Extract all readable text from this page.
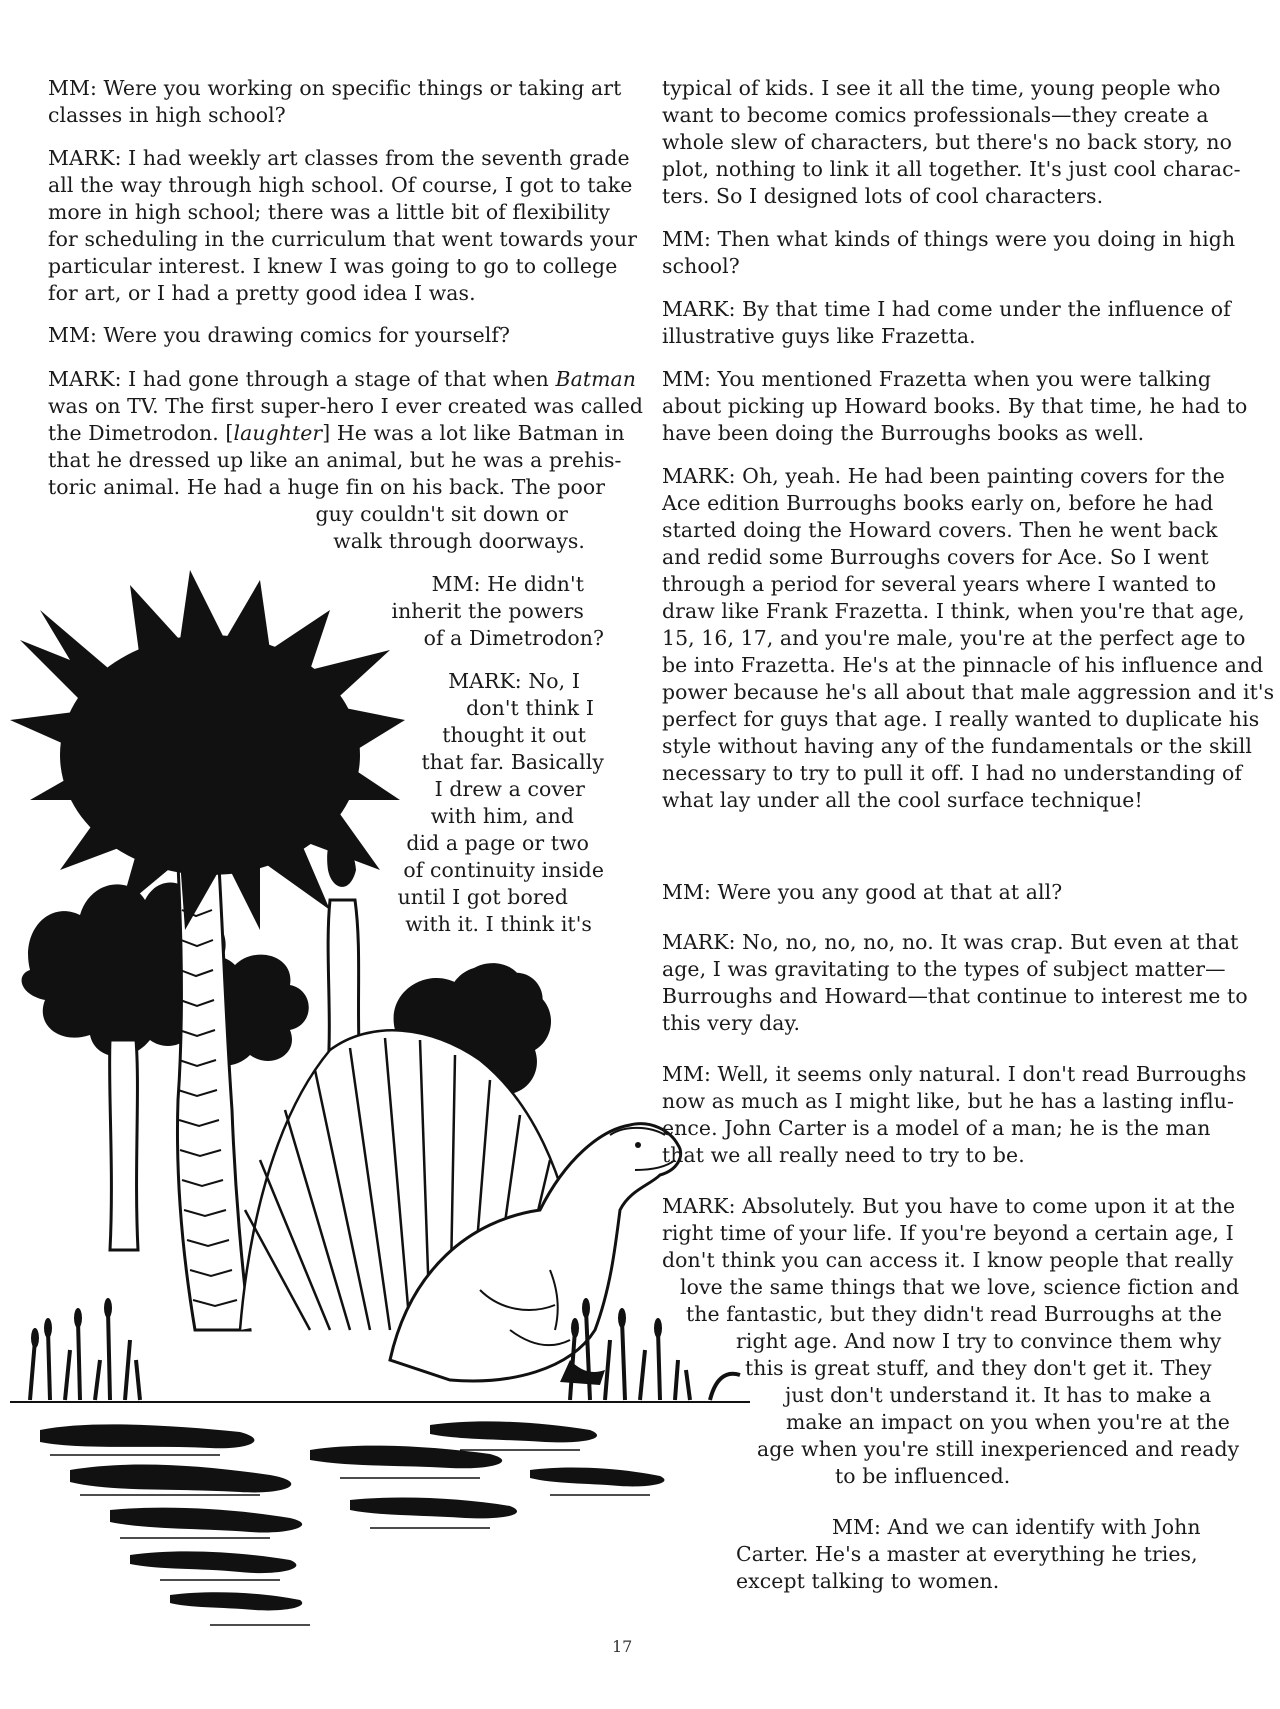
MM: Were you working on specific things or taking art

classes in high school?

MARK: I had weekly art classes from the seventh grade

all the way through high school. Of course, I got to take

more in high school; there was a little bit of flexibility

for scheduling in the curriculum that went towards your

particular interest. I knew I was going to go to college

for art, or I had a pretty good idea I was.

MM: Were you drawing comics for yourself?

MARK: I had gone through a stage of that when Batman

was on TV. The first super-hero I ever created was called

the Dimetrodon. [laughter] He was a lot like Batman in

that he dressed up like an animal, but he was a prehis-

toric animal. He had a huge fin on his back. The poor

guy couldn't sit down or

walk through doorways.

MM: He didn't

inherit the powers

of a Dimetrodon?

MARK: No, I

don't think I

thought it out

that far. Basically

I drew a cover

with him, and

did a page or two

of continuity inside

until I got bored

with it. I think it's

typical of kids. I see it all the time, young people who

want to become comics professionals—they create a

whole slew of characters, but there's no back story, no

plot, nothing to link it all together. It's just cool charac-

ters. So I designed lots of cool characters.

MM: Then what kinds of things were you doing in high

school?

MARK: By that time I had come under the influence of

illustrative guys like Frazetta.

MM: You mentioned Frazetta when you were talking

about picking up Howard books. By that time, he had to

have been doing the Burroughs books as well.

MARK: Oh, yeah. He had been painting covers for the

Ace edition Burroughs books early on, before he had

started doing the Howard covers. Then he went back

and redid some Burroughs covers for Ace. So I went

through a period for several years where I wanted to

draw like Frank Frazetta. I think, when you're that age,

15, 16, 17, and you're male, you're at the perfect age to

be into Frazetta. He's at the pinnacle of his influence and

power because he's all about that male aggression and it's

perfect for guys that age. I really wanted to duplicate his

style without having any of the fundamentals or the skill

necessary to try to pull it off. I had no understanding of

what lay under all the cool surface technique!

MM: Were you any good at that at all?

MARK: No, no, no, no, no. It was crap. But even at that

age, I was gravitating to the types of subject matter—

Burroughs and Howard—that continue to interest me to

this very day.

MM: Well, it seems only natural. I don't read Burroughs

now as much as I might like, but he has a lasting influ-

ence. John Carter is a model of a man; he is the man

that we all really need to try to be.

MARK: Absolutely. But you have to come upon it at the

right time of your life. If you're beyond a certain age, I

don't think you can access it. I know people that really

love the same things that we love, science fiction and

the fantastic, but they didn't read Burroughs at the

right age. And now I try to convince them why

this is great stuff, and they don't get it. They

just don't understand it. It has to make a

make an impact on you when you're at the

age when you're still inexperienced and ready

to be influenced.

MM: And we can identify with John

Carter. He's a master at everything he tries,

except talking to women.

17
